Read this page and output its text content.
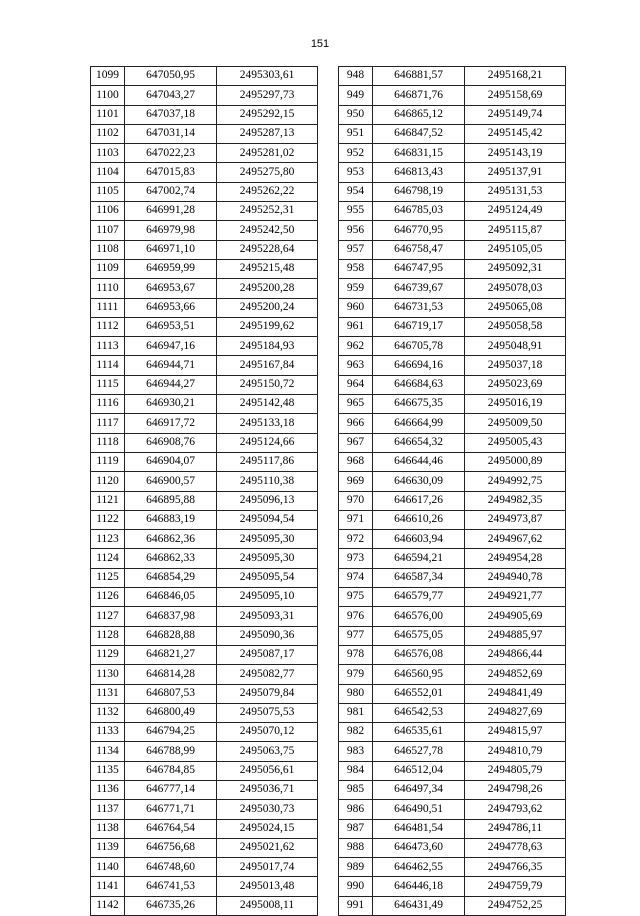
151
1099	647050,95	2495303,61
1100	647043,27	2495297,73
1101	647037,18	2495292,15
1102	647031,14	2495287,13
1103	647022,23	2495281,02
1104	647015,83	2495275,80
1105	647002,74	2495262,22
1106	646991,28	2495252,31
1107	646979,98	2495242,50
1108	646971,10	2495228,64
1109	646959,99	2495215,48
1110	646953,67	2495200,28
1111	646953,66	2495200,24
1112	646953,51	2495199,62
1113	646947,16	2495184,93
1114	646944,71	2495167,84
1115	646944,27	2495150,72
1116	646930,21	2495142,48
1117	646917,72	2495133,18
1118	646908,76	2495124,66
1119	646904,07	2495117,86
1120	646900,57	2495110,38
1121	646895,88	2495096,13
1122	646883,19	2495094,54
1123	646862,36	2495095,30
1124	646862,33	2495095,30
1125	646854,29	2495095,54
1126	646846,05	2495095,10
1127	646837,98	2495093,31
1128	646828,88	2495090,36
1129	646821,27	2495087,17
1130	646814,28	2495082,77
1131	646807,53	2495079,84
1132	646800,49	2495075,53
1133	646794,25	2495070,12
1134	646788,99	2495063,75
1135	646784,85	2495056,61
1136	646777,14	2495036,71
1137	646771,71	2495030,73
1138	646764,54	2495024,15
1139	646756,68	2495021,62
1140	646748,60	2495017,74
1141	646741,53	2495013,48
1142	646735,26	2495008,11
948	646881,57	2495168,21
949	646871,76	2495158,69
950	646865,12	2495149,74
951	646847,52	2495145,42
952	646831,15	2495143,19
953	646813,43	2495137,91
954	646798,19	2495131,53
955	646785,03	2495124,49
956	646770,95	2495115,87
957	646758,47	2495105,05
958	646747,95	2495092,31
959	646739,67	2495078,03
960	646731,53	2495065,08
961	646719,17	2495058,58
962	646705,78	2495048,91
963	646694,16	2495037,18
964	646684,63	2495023,69
965	646675,35	2495016,19
966	646664,99	2495009,50
967	646654,32	2495005,43
968	646644,46	2495000,89
969	646630,09	2494992,75
970	646617,26	2494982,35
971	646610,26	2494973,87
972	646603,94	2494967,62
973	646594,21	2494954,28
974	646587,34	2494940,78
975	646579,77	2494921,77
976	646576,00	2494905,69
977	646575,05	2494885,97
978	646576,08	2494866,44
979	646560,95	2494852,69
980	646552,01	2494841,49
981	646542,53	2494827,69
982	646535,61	2494815,97
983	646527,78	2494810,79
984	646512,04	2494805,79
985	646497,34	2494798,26
986	646490,51	2494793,62
987	646481,54	2494786,11
988	646473,60	2494778,63
989	646462,55	2494766,35
990	646446,18	2494759,79
991	646431,49	2494752,25
